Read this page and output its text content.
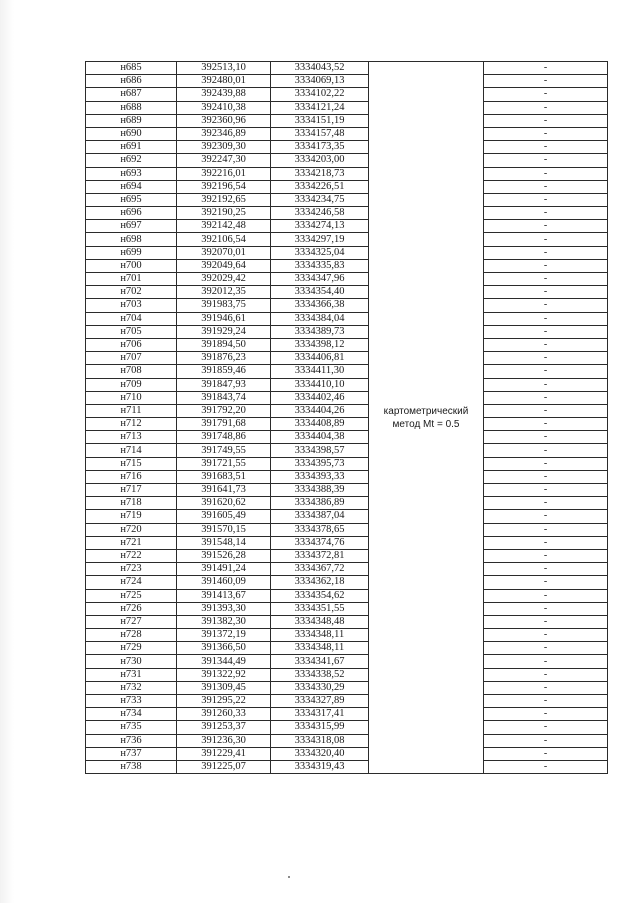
н685	392513,10	3334043,52	картометрический метод Mt = 0.5	-
н686	392480,01	3334069,13		-
н687	392439,88	3334102,22		-
н688	392410,38	3334121,24		-
н689	392360,96	3334151,19		-
н690	392346,89	3334157,48		-
н691	392309,30	3334173,35		-
н692	392247,30	3334203,00		-
н693	392216,01	3334218,73		-
н694	392196,54	3334226,51		-
н695	392192,65	3334234,75		-
н696	392190,25	3334246,58		-
н697	392142,48	3334274,13		-
н698	392106,54	3334297,19		-
н699	392070,01	3334325,04		-
н700	392049,64	3334335,83		-
н701	392029,42	3334347,96		-
н702	392012,35	3334354,40		-
н703	391983,75	3334366,38		-
н704	391946,61	3334384,04		-
н705	391929,24	3334389,73		-
н706	391894,50	3334398,12		-
н707	391876,23	3334406,81		-
н708	391859,46	3334411,30		-
н709	391847,93	3334410,10		-
н710	391843,74	3334402,46		-
н711	391792,20	3334404,26		-
н712	391791,68	3334408,89		-
н713	391748,86	3334404,38		-
н714	391749,55	3334398,57		-
н715	391721,55	3334395,73		-
н716	391683,51	3334393,33		-
н717	391641,73	3334388,39		-
н718	391620,62	3334386,89		-
н719	391605,49	3334387,04		-
н720	391570,15	3334378,65		-
н721	391548,14	3334374,76		-
н722	391526,28	3334372,81		-
н723	391491,24	3334367,72		-
н724	391460,09	3334362,18		-
н725	391413,67	3334354,62		-
н726	391393,30	3334351,55		-
н727	391382,30	3334348,48		-
н728	391372,19	3334348,11		-
н729	391366,50	3334348,11		-
н730	391344,49	3334341,67		-
н731	391322,92	3334338,52		-
н732	391309,45	3334330,29		-
н733	391295,22	3334327,89		-
н734	391260,33	3334317,41		-
н735	391253,37	3334315,99		-
н736	391236,30	3334318,08		-
н737	391229,41	3334320,40		-
н738	391225,07	3334319,43		-
